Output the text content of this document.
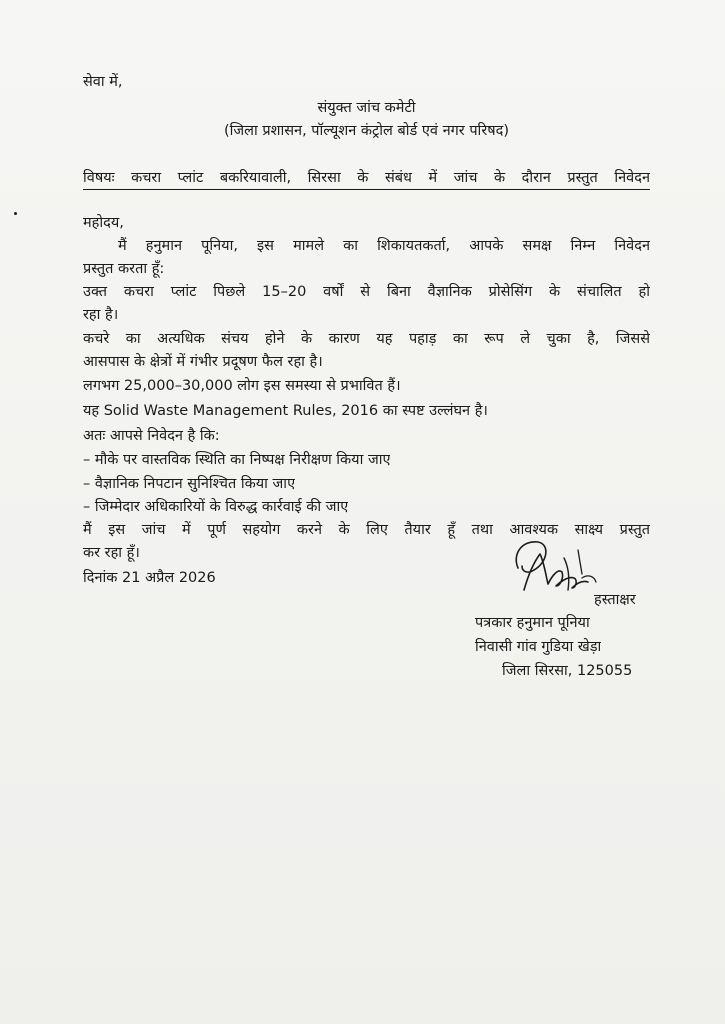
सेवा में,
संयुक्त जांच कमेटी
(जिला प्रशासन, पॉल्यूशन कंट्रोल बोर्ड एवं नगर परिषद)
विषयः कचरा प्लांट बकरियावाली, सिरसा के संबंध में जांच के दौरान प्रस्तुत निवेदन
महोदय,
मैं हनुमान पूनिया, इस मामले का शिकायतकर्ता, आपके समक्ष निम्न निवेदन
प्रस्तुत करता हूँ:
उक्त कचरा प्लांट पिछले 15–20 वर्षों से बिना वैज्ञानिक प्रोसेसिंग के संचालित हो
रहा है।
कचरे का अत्यधिक संचय होने के कारण यह पहाड़ का रूप ले चुका है, जिससे
आसपास के क्षेत्रों में गंभीर प्रदूषण फैल रहा है।
लगभग 25,000–30,000 लोग इस समस्या से प्रभावित हैं।
यह Solid Waste Management Rules, 2016 का स्पष्ट उल्लंघन है।
अतः आपसे निवेदन है कि:
– मौके पर वास्तविक स्थिति का निष्पक्ष निरीक्षण किया जाए
– वैज्ञानिक निपटान सुनिश्चित किया जाए
– जिम्मेदार अधिकारियों के विरुद्ध कार्रवाई की जाए
मैं इस जांच में पूर्ण सहयोग करने के लिए तैयार हूँ तथा आवश्यक साक्ष्य प्रस्तुत
कर रहा हूँ।
दिनांक 21 अप्रैल 2026
हस्ताक्षर
पत्रकार हनुमान पूनिया
निवासी गांव गुडिया खेड़ा
जिला सिरसा, 125055
